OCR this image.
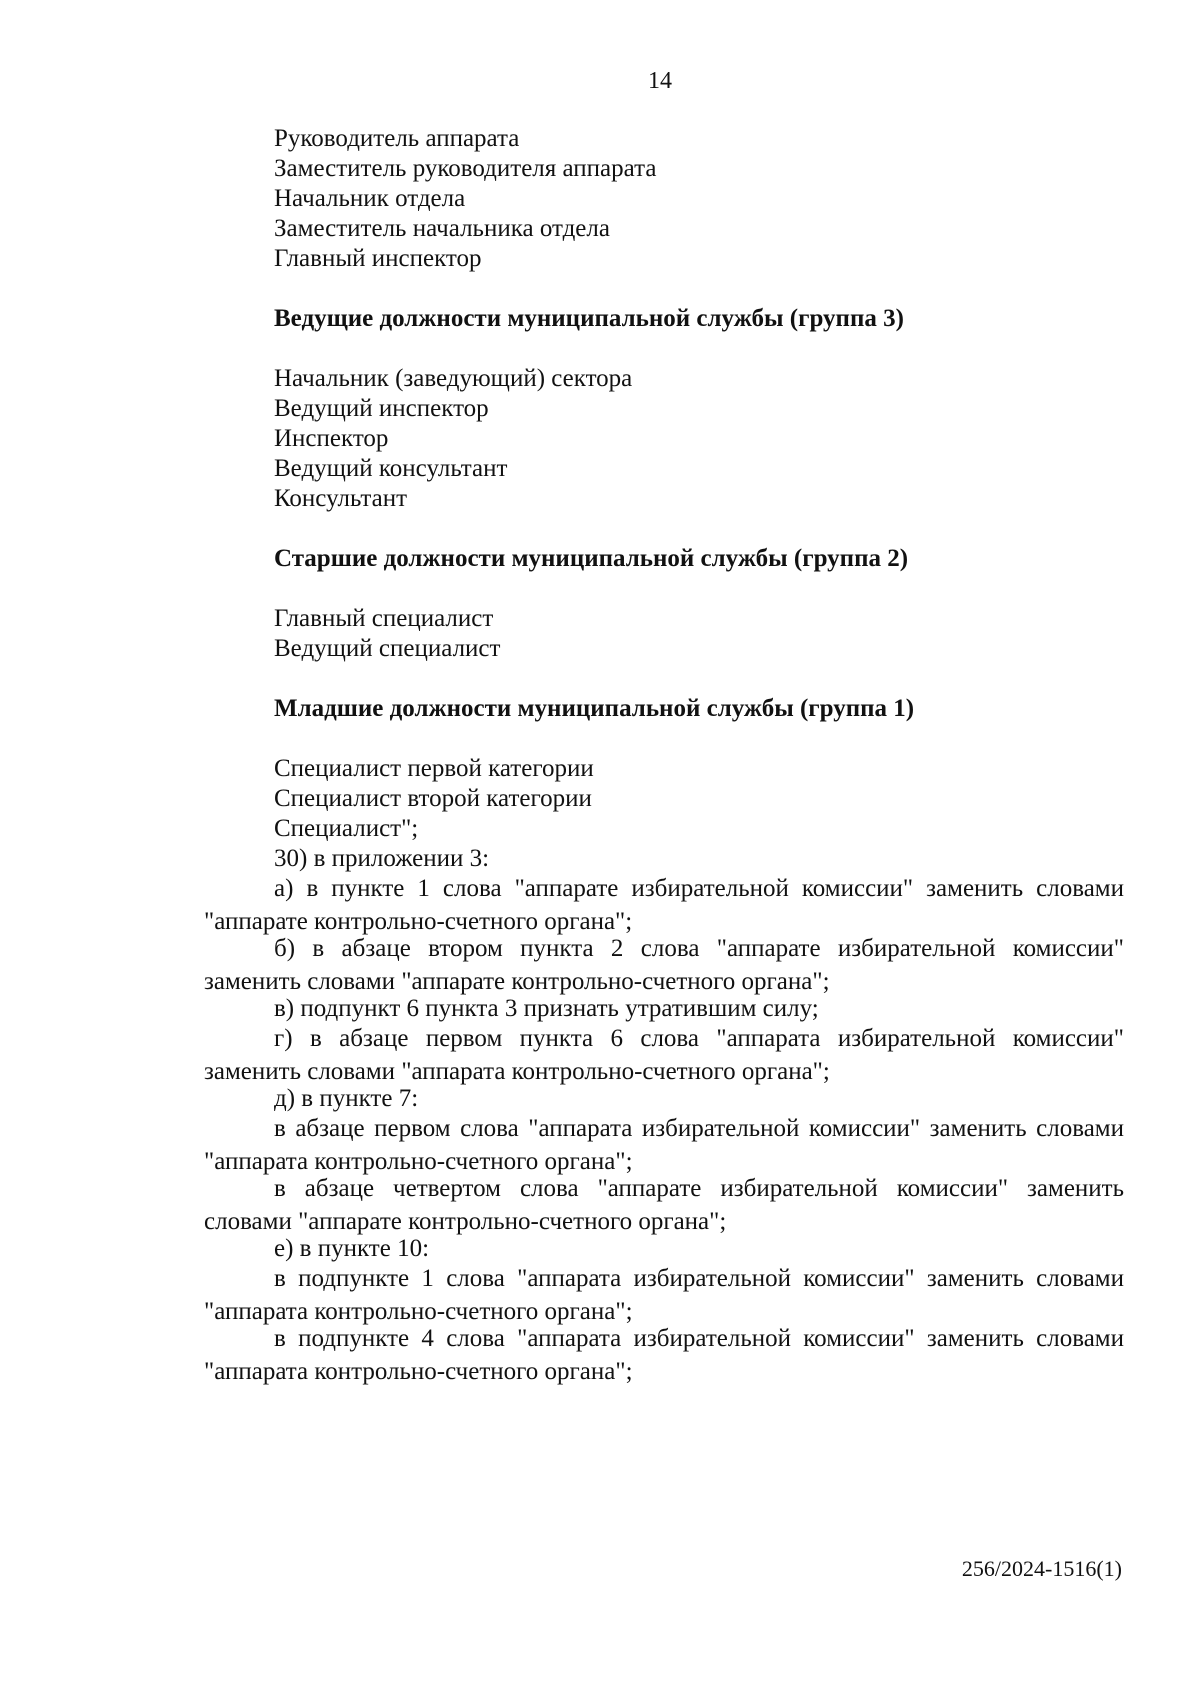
14
Руководитель аппарата
Заместитель руководителя аппарата
Начальник отдела
Заместитель начальника отдела
Главный инспектор
Ведущие должности муниципальной службы (группа 3)
Начальник (заведующий) сектора
Ведущий инспектор
Инспектор
Ведущий консультант
Консультант
Старшие должности муниципальной службы (группа 2)
Главный специалист
Ведущий специалист
Младшие должности муниципальной службы (группа 1)
Специалист первой категории
Специалист второй категории
Специалист";
30) в приложении 3:
а) в пункте 1 слова "аппарате избирательной комиссии" заменить словами "аппарате контрольно-счетного органа";
б) в абзаце втором пункта 2 слова "аппарате избирательной комиссии" заменить словами "аппарате контрольно-счетного органа";
в) подпункт 6 пункта 3 признать утратившим силу;
г) в абзаце первом пункта 6 слова "аппарата избирательной комиссии" заменить словами "аппарата контрольно-счетного органа";
д) в пункте 7:
в абзаце первом слова "аппарата избирательной комиссии" заменить словами "аппарата контрольно-счетного органа";
в абзаце четвертом слова "аппарате избирательной комиссии" заменить словами "аппарате контрольно-счетного органа";
е) в пункте 10:
в подпункте 1 слова "аппарата избирательной комиссии" заменить словами "аппарата контрольно-счетного органа";
в подпункте 4 слова "аппарата избирательной комиссии" заменить словами "аппарата контрольно-счетного органа";
256/2024-1516(1)
